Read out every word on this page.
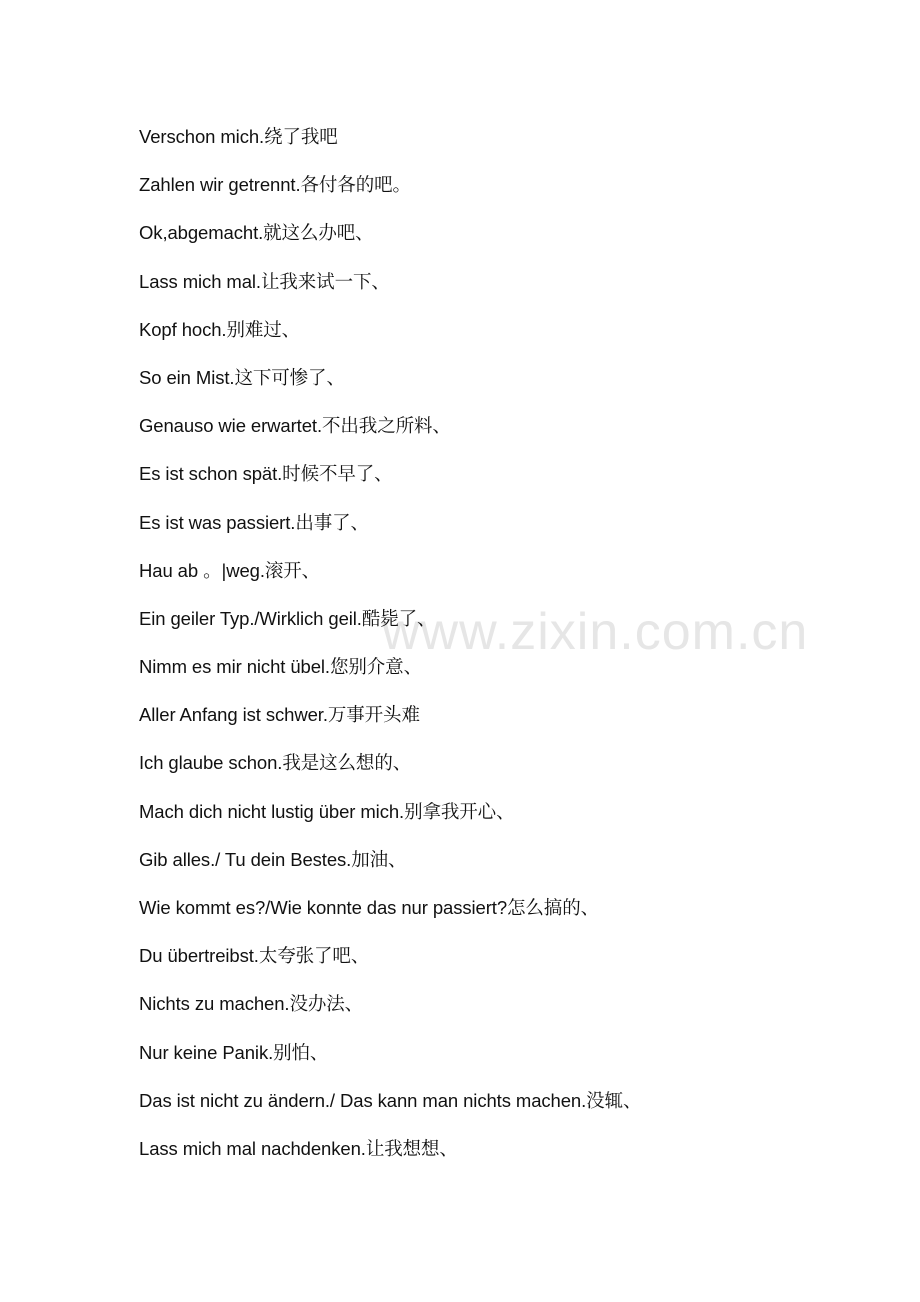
www.zixin.com.cn
Verschon mich.绕了我吧
Zahlen wir getrennt.各付各的吧。
Ok,abgemacht.就这么办吧、
Lass mich mal.让我来试一下、
Kopf hoch.别难过、
So ein Mist.这下可惨了、
Genauso wie erwartet.不出我之所料、
Es ist schon spät.时候不早了、
Es ist was passiert.出事了、
Hau ab 。|weg.滚开、
Ein geiler Typ./Wirklich geil.酷毙了、
Nimm es mir nicht übel.您别介意、
Aller Anfang ist schwer.万事开头难
Ich glaube schon.我是这么想的、
Mach dich nicht lustig über mich.别拿我开心、
Gib alles./ Tu dein Bestes.加油、
Wie kommt es?/Wie konnte das nur passiert?怎么搞的、
Du übertreibst.太夸张了吧、
Nichts zu machen.没办法、
Nur keine Panik.别怕、
Das ist nicht zu ändern./ Das kann man nichts machen.没辄、
Lass mich mal nachdenken.让我想想、
